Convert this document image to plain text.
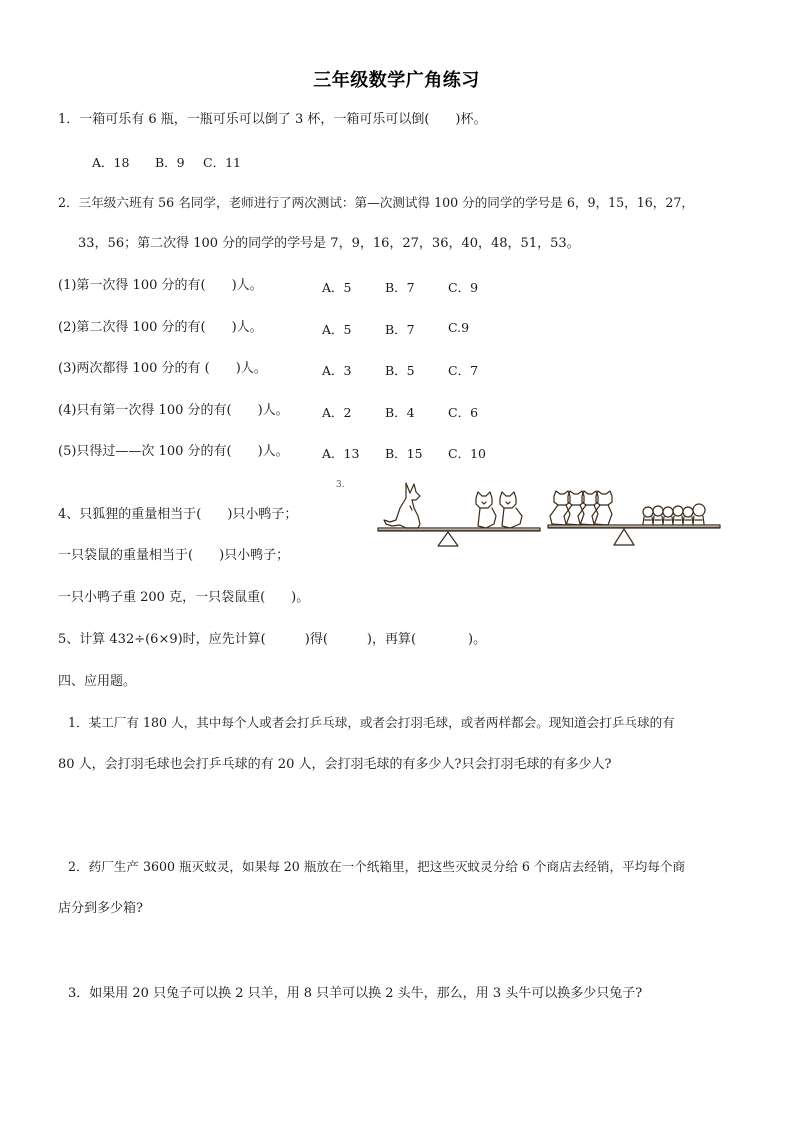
三年级数学广角练习
1．一箱可乐有 6 瓶，一瓶可乐可以倒了 3 杯，一箱可乐可以倒(　　)杯。
A．18 B．9 C．11
2．三年级六班有 56 名同学，老师进行了两次测试：第—次测试得 100 分的同学的学号是 6，9，15，16，27，
33，56；第二次得 100 分的同学的学号是 7，9，16，27，36，40，48，51，53。
(1)第一次得 100 分的有(　　)人。	A．5	B．7	C．9
(2)第二次得 100 分的有(　　)人。	A．5	B．7	C.9
(3)两次都得 100 分的有 (　　)人。	A．3	B．5	C．7
(4)只有第一次得 100 分的有(　　)人。	A．2	B．4	C．6
(5)只得过——次 100 分的有(　　)人。	A．13 B．15 C．10
4、只狐狸的重量相当于(　　)只小鸭子；
一只袋鼠的重量相当于(　　)只小鸭子；
一只小鸭子重 200 克，一只袋鼠重(　　)。
3.
5、计算 432÷(6×9)时，应先计算(　　　)得(　　　)，再算(　　　　)。
四、应用题。
1．某工厂有 180 人，其中每个人或者会打乒乓球，或者会打羽毛球，或者两样都会。现知道会打乒乓球的有
80 人，会打羽毛球也会打乒乓球的有 20 人，会打羽毛球的有多少人?只会打羽毛球的有多少人?
2．药厂生产 3600 瓶灭蚊灵，如果每 20 瓶放在一个纸箱里，把这些灭蚊灵分给 6 个商店去经销，平均每个商
店分到多少箱?
3．如果用 20 只兔子可以换 2 只羊，用 8 只羊可以换 2 头牛，那么，用 3 头牛可以换多少只兔子?
